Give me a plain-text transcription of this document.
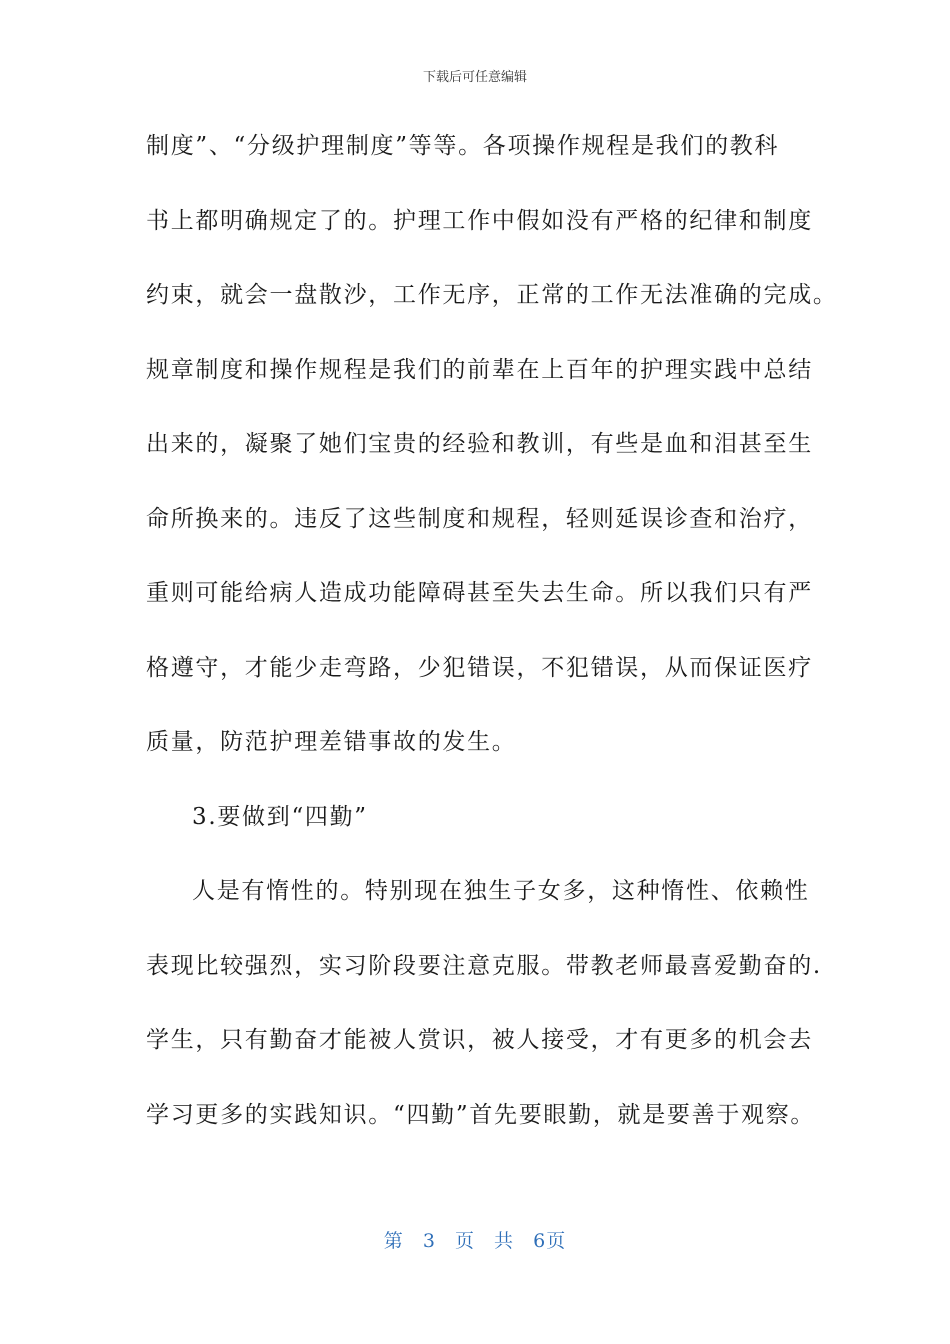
下载后可任意编辑
制度”、“分级护理制度”等等。各项操作规程是我们的教科
书上都明确规定了的。护理工作中假如没有严格的纪律和制度
约束，就会一盘散沙，工作无序，正常的工作无法准确的完成。
规章制度和操作规程是我们的前辈在上百年的护理实践中总结
出来的，凝聚了她们宝贵的经验和教训，有些是血和泪甚至生
命所换来的。违反了这些制度和规程，轻则延误诊查和治疗，
重则可能给病人造成功能障碍甚至失去生命。所以我们只有严
格遵守，才能少走弯路，少犯错误，不犯错误，从而保证医疗
质量，防范护理差错事故的发生。
3.要做到“四勤”
人是有惰性的。特别现在独生子女多，这种惰性、依赖性
表现比较强烈，实习阶段要注意克服。带教老师最喜爱勤奋的.
学生，只有勤奋才能被人赏识，被人接受，才有更多的机会去
学习更多的实践知识。“四勤”首先要眼勤，就是要善于观察。
第 3 页 共 6页
